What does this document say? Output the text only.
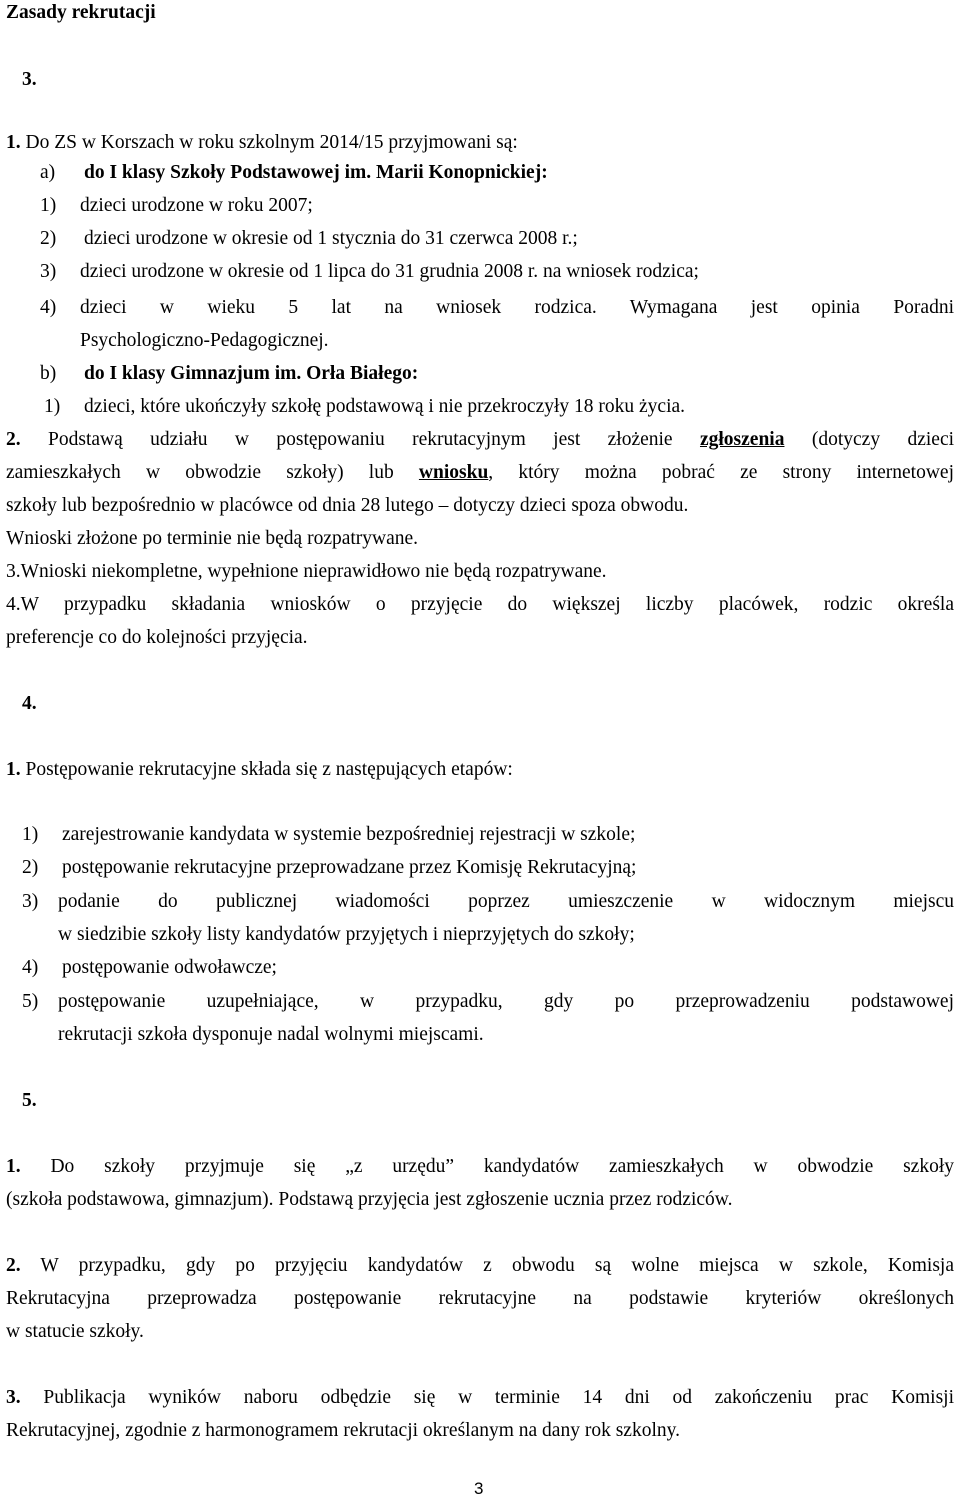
Zasady rekrutacji
3.
1. Do ZS w Korszach w roku szkolnym 2014/15 przyjmowani są:
a) do I klasy Szkoły Podstawowej im. Marii Konopnickiej:
1) dzieci urodzone w roku 2007;
2) dzieci urodzone w okresie od 1 stycznia do 31 czerwca 2008 r.;
3) dzieci urodzone w okresie od 1 lipca do 31 grudnia 2008 r. na wniosek rodzica;
4)	dzieci w wieku 5 lat na wniosek rodzica. Wymagana jest opinia Poradni
Psychologiczno-Pedagogicznej.
b) do I klasy Gimnazjum im. Orła Białego:
1) dzieci, które ukończyły szkołę podstawową i nie przekroczyły 18 roku życia.
2. Podstawą udziału w postępowaniu rekrutacyjnym jest złożenie zgłoszenia (dotyczy dzieci
zamieszkałych w obwodzie szkoły) lub wniosku, który można pobrać ze strony internetowej
szkoły lub bezpośrednio w placówce od dnia 28 lutego – dotyczy dzieci spoza obwodu.
Wnioski złożone po terminie nie będą rozpatrywane.
3.Wnioski niekompletne, wypełnione nieprawidłowo nie będą rozpatrywane.
4.W przypadku składania wniosków o przyjęcie do większej liczby placówek, rodzic określa
preferencje co do kolejności przyjęcia.
4.
1. Postępowanie rekrutacyjne składa się z następujących etapów:
1) zarejestrowanie kandydata w systemie bezpośredniej rejestracji w szkole;
2) postępowanie rekrutacyjne przeprowadzane przez Komisję Rekrutacyjną;
3)	podanie do publicznej wiadomości poprzez umieszczenie w widocznym miejscu
w siedzibie szkoły listy kandydatów przyjętych i nieprzyjętych do szkoły;
4) postępowanie odwoławcze;
5)	postępowanie uzupełniające, w przypadku, gdy po przeprowadzeniu podstawowej
rekrutacji szkoła dysponuje nadal wolnymi miejscami.
5.
1. Do szkoły przyjmuje się „z urzędu” kandydatów zamieszkałych w obwodzie szkoły
(szkoła podstawowa, gimnazjum). Podstawą przyjęcia jest zgłoszenie ucznia przez rodziców.
2. W przypadku, gdy po przyjęciu kandydatów z obwodu są wolne miejsca w szkole, Komisja
Rekrutacyjna przeprowadza postępowanie rekrutacyjne na podstawie kryteriów określonych
w statucie szkoły.
3. Publikacja wyników naboru odbędzie się w terminie 14 dni od zakończeniu prac Komisji
Rekrutacyjnej, zgodnie z harmonogramem rekrutacji określanym na dany rok szkolny.
3
